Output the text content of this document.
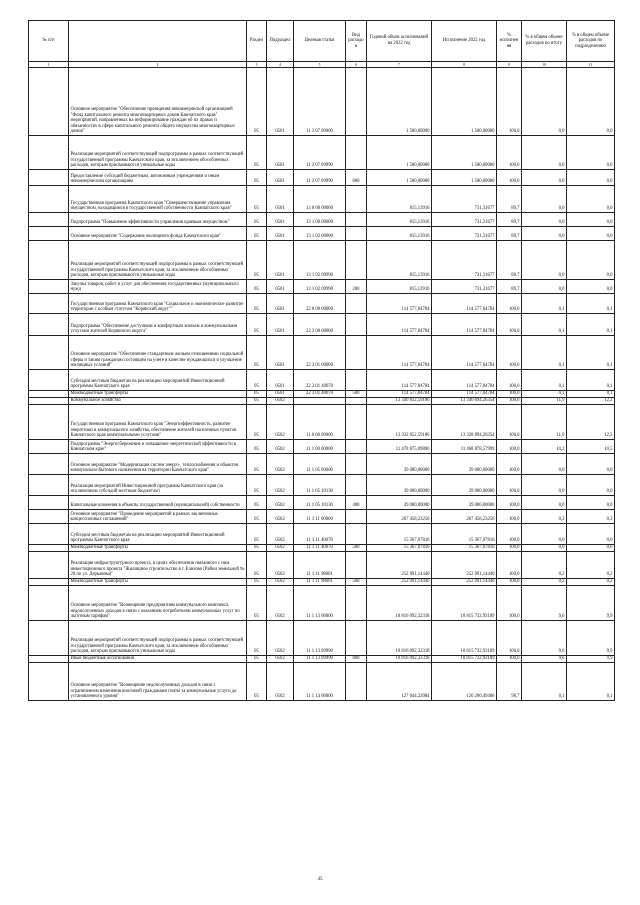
№ п/п		Раздел	Подраздел	Целевая статья	Вид расходов	Годовой объем ассигнований на 2022 год	Исполнение 2022 год	% исполнения	% в общем объеме расходов по итогу	% в общем объеме расходов по подразделению
1	2	3	4	5	6	7	8	9	10	11
	Основное мероприятие "Обеспечение проведения некоммерческой организацией "Фонд капитального ремонта многоквартирных домов Камчатского края" мероприятий, направленных на информирование граждан об их правах и обязанностях в сфере капитального ремонта общего имущества многоквартирных домов"	05	0501	11 3 07 00000		1 500,00000	1 500,00000	100,0	0,0	0,0
	Реализация мероприятий соответствующей подпрограммы в рамках соответствующей государственной программы Камчатского края, за исключением обособленных расходов, которым присваиваются уникальные коды	05	0501	11 3 07 09990		1 500,00000	1 500,00000	100,0	0,0	0,0
	Предоставление субсидий бюджетным, автономным учреждениям и иным некоммерческим организациям	05	0501	11 3 07 09990	600	1 500,00000	1 500,00000	100,0	0,0	0,0
	Государственная программа Камчатского края "Совершенствование управления имуществом, находящимся в государственной собственности Камчатского края"	05	0501	13 0 00 00000		815,13916	731,31677	89,7	0,0	0,0
	Подпрограмма "Повышение эффективности управления краевым имуществом"	05	0501	13 1 00 00000		815,13916	731,31677	89,7	0,0	0,0
	Основное мероприятие "Содержание жилищного фонда Камчатского края"	05	0501	13 1 02 00000		815,13916	731,31677	89,7	0,0	0,0
	Реализация мероприятий соответствующей подпрограммы в рамках соответствующей государственной программы Камчатского края, за исключением обособленных расходов, которым присваиваются уникальные коды	05	0501	13 1 02 09990		815,13916	731,31677	89,7	0,0	0,0
	Закупка товаров, работ и услуг для обеспечения государственных (муниципальных) нужд	05	0501	13 1 02 09990	200	815,13916	731,31677	89,7	0,0	0,0
	Государственная программа Камчатского края "Социальное и экономическое развитие территории с особым статусом "Корякский округ""	05	0501	22 0 00 00000		114 577,84784	114 577,84784	100,0	0,1	0,1
	Подпрограмма "Обеспечение доступным и комфортным жильем и коммунальными услугами жителей Корякского округа"	05	0501	22 3 00 00000		114 577,84784	114 577,84784	100,0	0,1	0,1
	Основное мероприятие "Обеспечение стандартным жильем отношениями социальной сферы и таким гражданам состоящим на учете в качестве нуждающихся в улучшение жилищных условий"	05	0501	22 3 01 00000		114 577,84784	114 577,84784	100,0	0,1	0,1
	Субсидии местным бюджетам на реализацию мероприятий Инвестиционной программы Камчатского края	05	0501	22 3 01 40070		114 577,84784	114 577,84784	100,0	0,1	0,1
	Межбюджетные трансферты	05	0501	22 3 01 40070	500	114 577,84784	114 577,84784	100,0	0,1	0,1
	Коммунальное хозяйство	05	0502			13 340 832,59186	13 346 694,26354	100,0	11,9	12,2
	Государственная программа Камчатского края "Энергоэффективность, развитие энергетики и коммунального хозяйства, обеспечение жителей населенных пунктов Камчатского края коммунальными услугами"	05	0502	11 0 00 00000		13 332 052,59186	13 328 894,26354	100,0	11,9	12,2
	Подпрограмма "Энергосбережение и повышение энергетической эффективности в Камчатском крае"	05	0502	11 1 00 00000		11 470 875,09806	11 468 878,57999	100,0	10,2	10,5
	Основное мероприятие "Модернизация систем энерго-, теплоснабжения и объектов коммунально-бытового назначения на территории Камчатского края"	05	0502	11 1 05 00000		39 000,00000	39 000,00000	100,0	0,0	0,0
	Реализация мероприятий Инвестиционной программы Камчатского края (за исключением субсидий местным бюджетам)	05	0502	11 1 05 10130		39 000,00000	39 000,00000	100,0	0,0	0,0
	Капитальные вложения в объекты государственной (муниципальной) собственности	05	0502	11 1 05 10130	400	39 000,00000	39 000,00000	100,0	0,0	0,0
	Основное мероприятие "Проведение мероприятий в рамках заключенных концессионных соглашений"	05	0502	11 1 11 00000		267 458,23256	267 458,23256	100,0	0,2	0,2
	Субсидии местным бюджетам на реализацию мероприятий Инвестиционной программы Камчатского края	05	0502	11 1 11 40070		15 367,07816	15 367,07816	100,0	0,0	0,0
	Межбюджетные трансферты	05	0502	11 1 11 40070	500	15 367,07816	15 367,07816	100,0	0,0	0,0
	Реализация инфраструктурного проекта, в целях обеспечения связанного с ним инвестиционного проекта "Жилищное строительство в г. Елизово (Район земельной № 20 по ул. Деркачева)"	05	0502	11 1 11 98001		252 091,14440	252 091,14440	100,0	0,2	0,2
	Межбюджетные трансферты	05	0502	11 1 11 98001	500	252 091,14440	252 091,14440	100,0	0,2	0,2
	Основное мероприятие "Возмещение предприятиям коммунального комплекса недополученных доходов в связи с оказанием потребителям коммунальных услуг по льготным тарифам"	05	0502	11 1 13 00000		10 816 092,32318	10 815 732,93189	100,0	9,6	9,9
	Реализация мероприятий соответствующей подпрограммы в рамках соответствующей государственной программы Камчатского края, за исключением обособленных расходов, которым присваиваются уникальные коды	05	0502	11 1 13 09990		10 816 092,32318	10 815 732,93189	100,0	9,6	9,9
	Иные бюджетные ассигнования	05	0502	11 1 13 09990	800	10 816 092,32318	10 815 732,93189	100,0	9,6	9,9
	Основное мероприятие "Возмещение недополученных доходов в связи с ограничением изменения вносимой гражданами платы за коммунальные услуги до установленного уровня"	05	0502	11 1 14 00000		127 644,22084	126 206,49406	98,7	0,1	0,1
45
